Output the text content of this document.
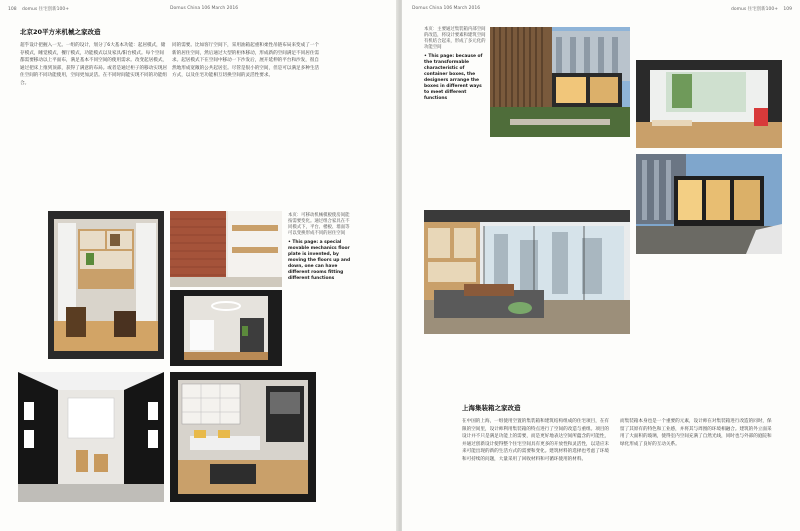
108 domus 住宅创新100+	Domus China 106 March 2016
北京20平方米机械之家改造

超乎设计把握入一无。一组的设计，划分了6大基本功能：起居模式，储存模式，睡觉模式，餐厅模式，功能模式以及家具/阳台模式。每个空间都需要移动以上平面布，满足基本不同空间的使用需求。改变起居模式，通过把床上推到顶部，获得了满意的布局。或者是通过柜子的移动实现居住空间的不同功能使用，空间更加灵活。在不同时间能实现不同的功能组合。

同的需要。比如客厅空间下，采用油箱起重和柔性吊链布局来变成了一个新的居住空间，然后通过大型的柜体移动，形成新的空间满足不同居住需求。起居模式下在空间中移动一下沙发后，展开延伸的平台和沙发，很自然地形成宽敞的公共起居室。尽管是很小的空间，但是可以满足多种生活方式，以及住宅功能相互切换空间的灵活性要求。

本页：可移动机械模板使房间能按需要变化。通过组合家具在不同模式下，平台、楼板、墙面等可以变换形成不同的居住空间
• This page: a special movable mechanics floor plate is invented, by moving the floors up and down, one can have different rooms fitting different functions
Domus China 106 March 2016	domus 住宅创新100+ 109
本页：主要通过集装箱内部空间的改造，将设计要素和建筑空间有机结合起来，形成了多元化的功能空间
• This page: because of the transformable characteristic of container boxes, the designers arrange the boxes in different ways to meet different functions
上海集装箱之家改造

在中国的上海，一组使用空置的集装箱和建筑结构组成的住宅项目，在有限的空间里，设计师利用集装箱的特点进行了空间的改造与重组。项目的设计并不只是满足功能上的需要，而是更好地表达空间所蕴含的可能性，并通过创新设计使得整个住宅空间具有更多的开放性和灵活性，以适应未来可能出现的新的生活方式的需要和变化。建筑材料的选择也考虑了环境和可持续的问题，大量采用了回收材料和可循环使用的材料。

而集装箱本身也是一个重要的元素，设计师在对集装箱进行改造的同时，保留了其原有的特色和工业感，并将其与周围的环境相融合。建筑的外立面采用了大面积的玻璃，使得室内空间充满了自然光线，同时也与外部的庭院和绿化形成了良好的互动关系。
